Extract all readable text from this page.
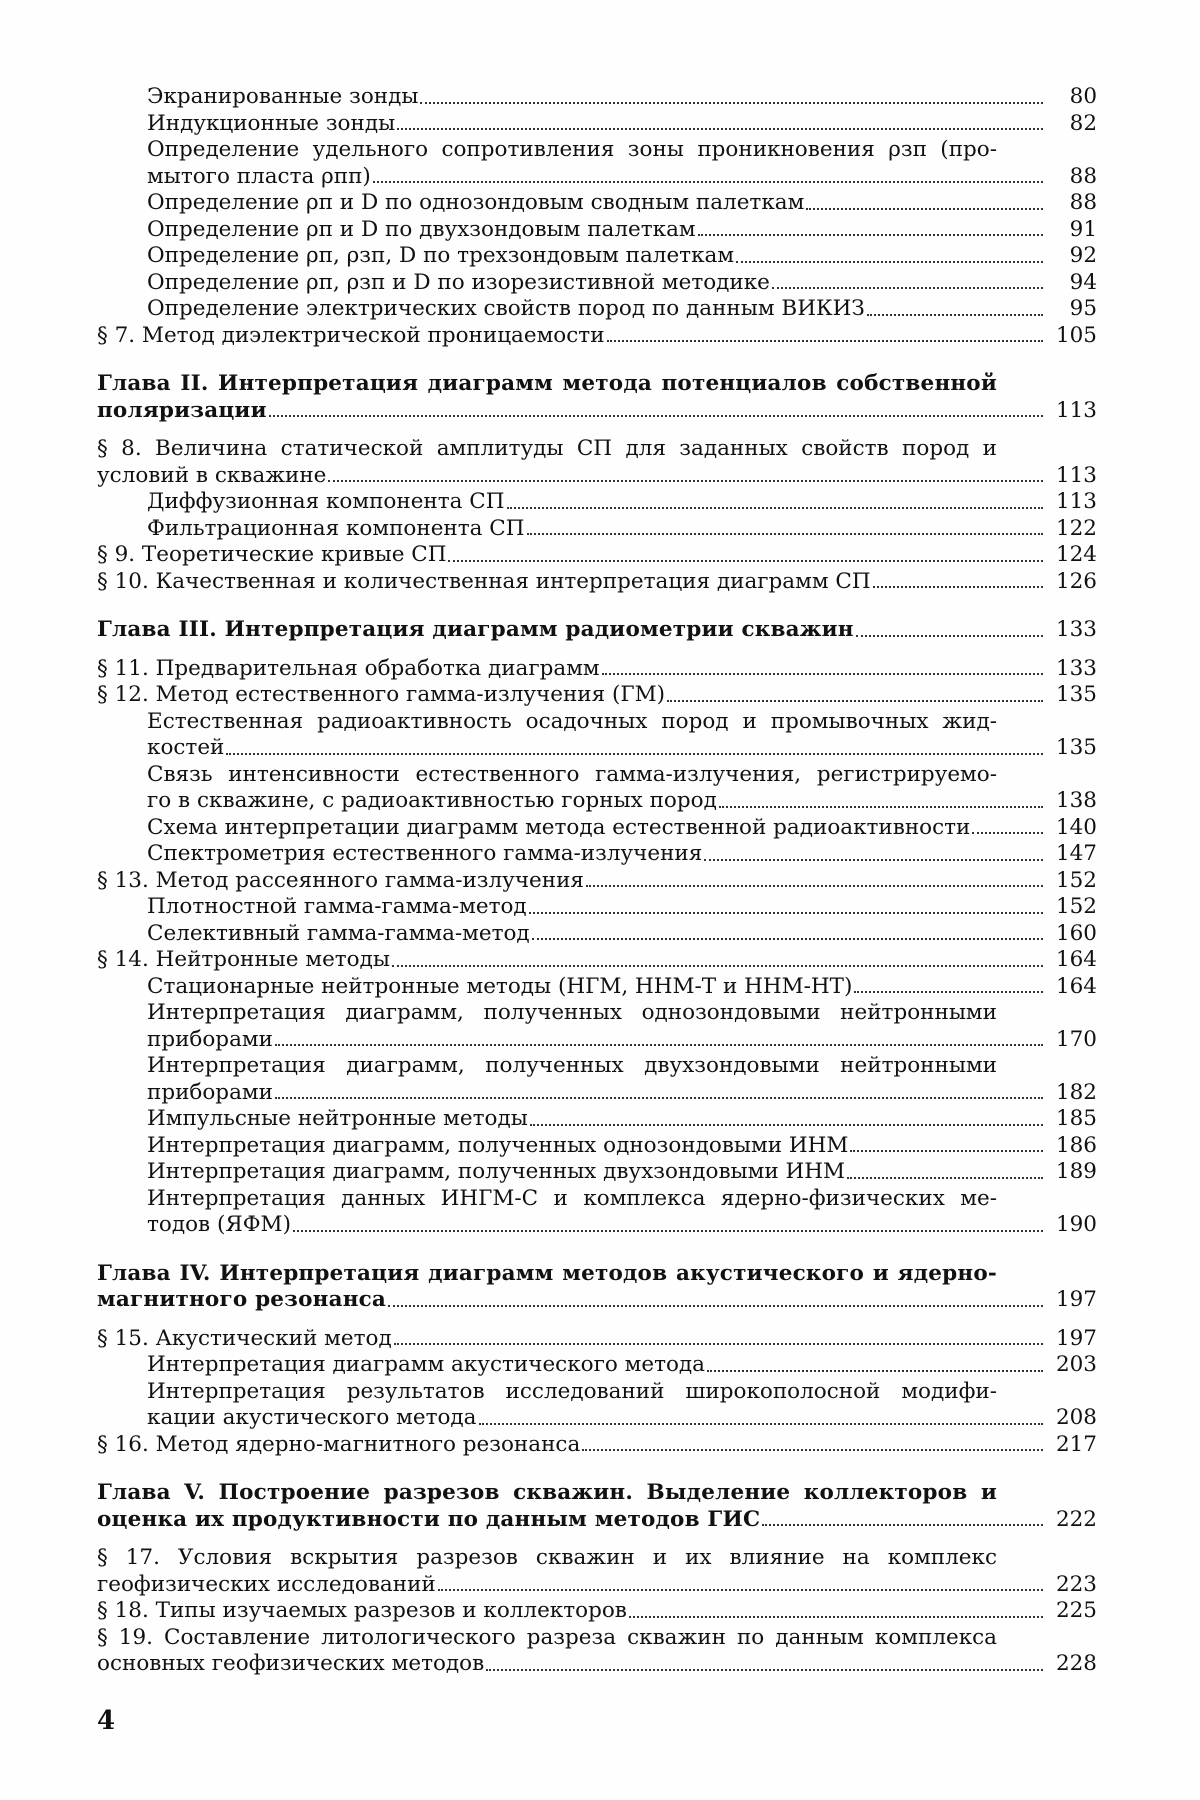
Экранированные зонды	80
Индукционные зонды	82
Определение удельного сопротивления зоны проникновения ρзп (про-
мытого пласта ρпп)	88
Определение ρп и D по однозондовым сводным палеткам	88
Определение ρп и D по двухзондовым палеткам	91
Определение ρп, ρзп, D по трехзондовым палеткам	92
Определение ρп, ρзп и D по изорезистивной методике	94
Определение электрических свойств пород по данным ВИКИЗ	95
§ 7. Метод диэлектрической проницаемости	105
Глава II. Интерпретация диаграмм метода потенциалов собственной
поляризации	113
§ 8. Величина статической амплитуды СП для заданных свойств пород и
условий в скважине	113
Диффузионная компонента СП	113
Фильтрационная компонента СП	122
§ 9. Теоретические кривые СП	124
§ 10. Качественная и количественная интерпретация диаграмм СП	126
Глава III. Интерпретация диаграмм радиометрии скважин	133
§ 11. Предварительная обработка диаграмм	133
§ 12. Метод естественного гамма-излучения (ГМ)	135
Естественная радиоактивность осадочных пород и промывочных жид-
костей	135
Связь интенсивности естественного гамма-излучения, регистрируемо-
го в скважине, с радиоактивностью горных пород	138
Схема интерпретации диаграмм метода естественной радиоактивности	140
Спектрометрия естественного гамма-излучения	147
§ 13. Метод рассеянного гамма-излучения	152
Плотностной гамма-гамма-метод	152
Селективный гамма-гамма-метод	160
§ 14. Нейтронные методы	164
Стационарные нейтронные методы (НГМ, ННМ-Т и ННМ-НТ)	164
Интерпретация диаграмм, полученных однозондовыми нейтронными
приборами	170
Интерпретация диаграмм, полученных двухзондовыми нейтронными
приборами	182
Импульсные нейтронные методы	185
Интерпретация диаграмм, полученных однозондовыми ИНМ	186
Интерпретация диаграмм, полученных двухзондовыми ИНМ	189
Интерпретация данных ИНГМ-С и комплекса ядерно-физических ме-
тодов (ЯФМ)	190
Глава IV. Интерпретация диаграмм методов акустического и ядерно-
магнитного резонанса	197
§ 15. Акустический метод	197
Интерпретация диаграмм акустического метода	203
Интерпретация результатов исследований широкополосной модифи-
кации акустического метода	208
§ 16. Метод ядерно-магнитного резонанса	217
Глава V. Построение разрезов скважин. Выделение коллекторов и
оценка их продуктивности по данным методов ГИС	222
§ 17. Условия вскрытия разрезов скважин и их влияние на комплекс
геофизических исследований	223
§ 18. Типы изучаемых разрезов и коллекторов	225
§ 19. Составление литологического разреза скважин по данным комплекса
основных геофизических методов	228
4
